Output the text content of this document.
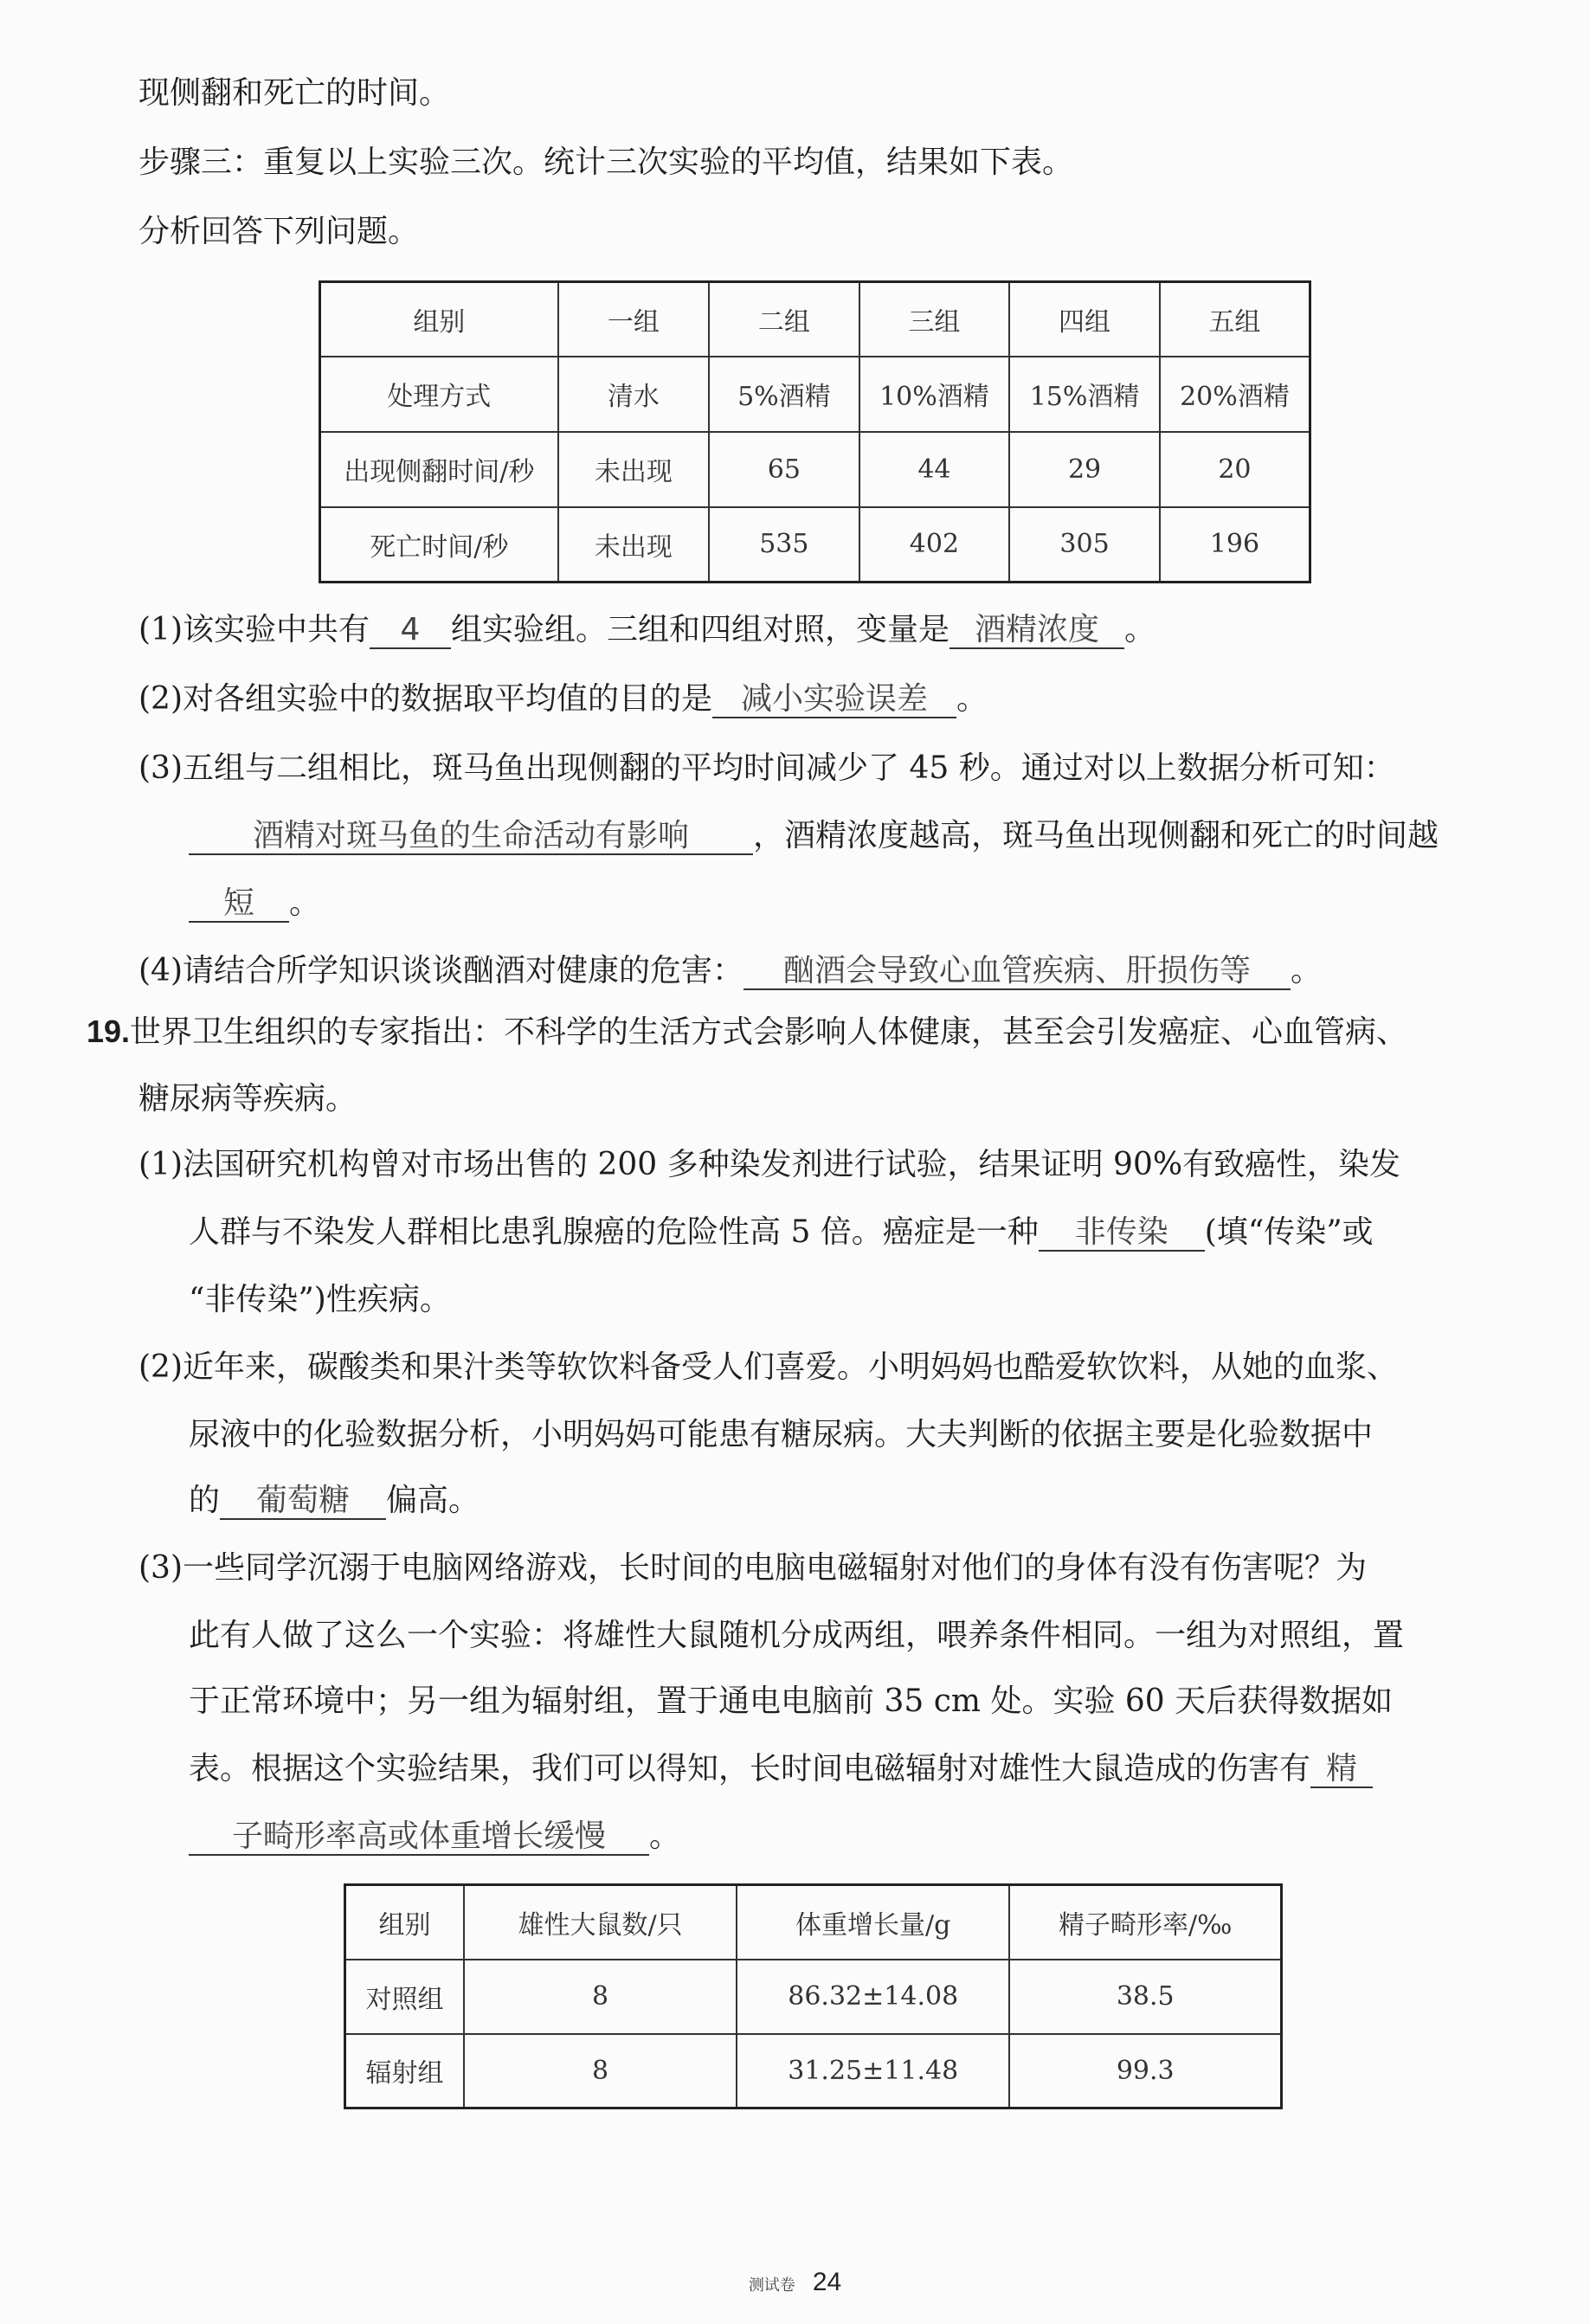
现侧翻和死亡的时间。
步骤三：重复以上实验三次。统计三次实验的平均值，结果如下表。
分析回答下列问题。
组别	一组	二组	三组	四组	五组
处理方式	清水	5%酒精	10%酒精	15%酒精	20%酒精
出现侧翻时间/秒	未出现	65	44	29	20
死亡时间/秒	未出现	535	402	305	196
(1)该实验中共有 4 组实验组。三组和四组对照，变量是 酒精浓度 。
(2)对各组实验中的数据取平均值的目的是 减小实验误差 。
(3)五组与二组相比，斑马鱼出现侧翻的平均时间减少了 45 秒。通过对以上数据分析可知：
酒精对斑马鱼的生命活动有影响 ，酒精浓度越高，斑马鱼出现侧翻和死亡的时间越
短 。
(4)请结合所学知识谈谈酗酒对健康的危害： 酗酒会导致心血管疾病、肝损伤等 。
19.世界卫生组织的专家指出：不科学的生活方式会影响人体健康，甚至会引发癌症、心血管病、
糖尿病等疾病。
(1)法国研究机构曾对市场出售的 200 多种染发剂进行试验，结果证明 90%有致癌性，染发
人群与不染发人群相比患乳腺癌的危险性高 5 倍。癌症是一种 非传染 (填“传染”或
“非传染”)性疾病。
(2)近年来，碳酸类和果汁类等软饮料备受人们喜爱。小明妈妈也酷爱软饮料，从她的血浆、
尿液中的化验数据分析，小明妈妈可能患有糖尿病。大夫判断的依据主要是化验数据中
的 葡萄糖 偏高。
(3)一些同学沉溺于电脑网络游戏，长时间的电脑电磁辐射对他们的身体有没有伤害呢？为
此有人做了这么一个实验：将雄性大鼠随机分成两组，喂养条件相同。一组为对照组，置
于正常环境中；另一组为辐射组，置于通电电脑前 35 cm 处。实验 60 天后获得数据如
表。根据这个实验结果，我们可以得知，长时间电磁辐射对雄性大鼠造成的伤害有 精
子畸形率高或体重增长缓慢 。
组别	雄性大鼠数/只	体重增长量/g	精子畸形率/‰
对照组	8	86.32±14.08	38.5
辐射组	8	31.25±11.48	99.3
测试卷 24
